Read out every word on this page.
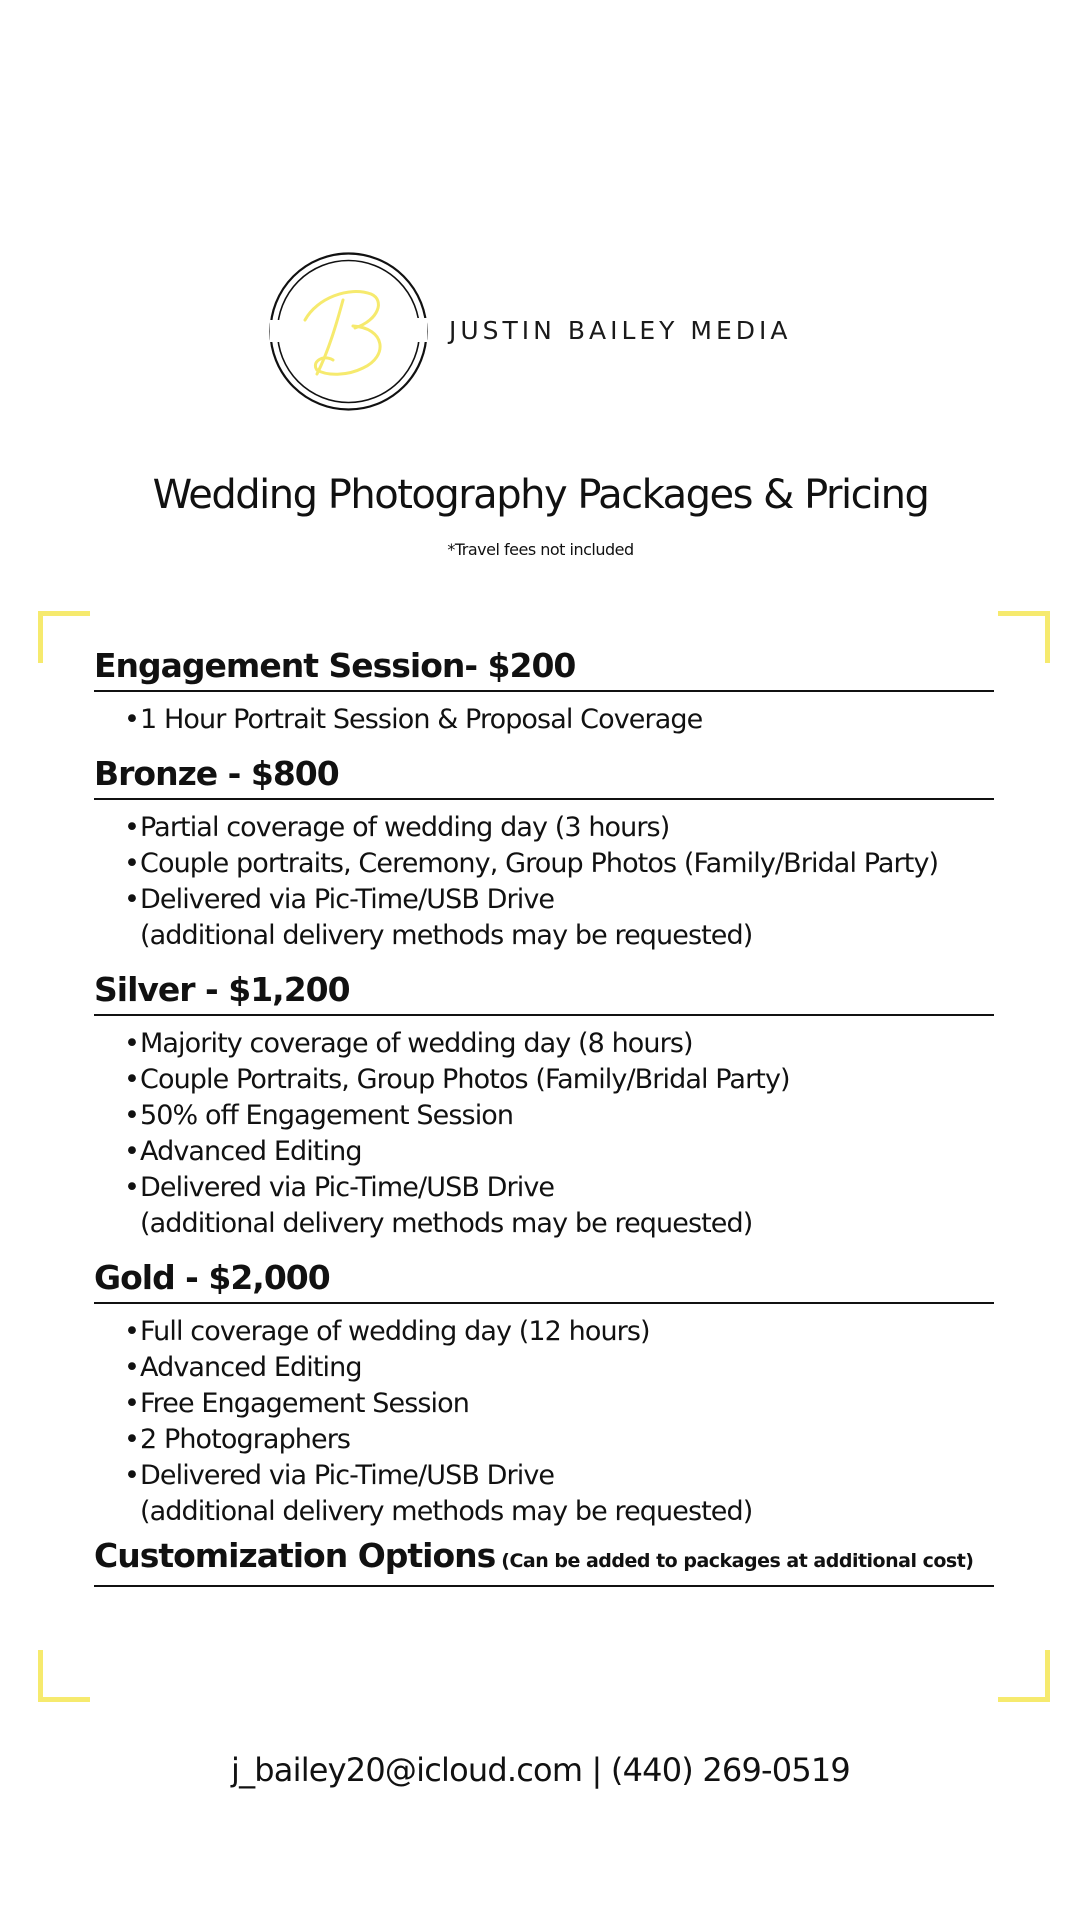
B
JUSTIN BAILEY MEDIA
Wedding Photography Packages & Pricing
*Travel fees not included
Engagement Session- $200
•1 Hour Portrait Session & Proposal Coverage
Bronze - $800
•Partial coverage of wedding day (3 hours)
•Couple portraits, Ceremony, Group Photos (Family/Bridal Party)
•Delivered via Pic-Time/USB Drive
(additional delivery methods may be requested)
Silver - $1,200
•Majority coverage of wedding day (8 hours)
•Couple Portraits, Group Photos (Family/Bridal Party)
•50% off Engagement Session
•Advanced Editing
•Delivered via Pic-Time/USB Drive
(additional delivery methods may be requested)
Gold - $2,000
•Full coverage of wedding day (12 hours)
•Advanced Editing
•Free Engagement Session
•2 Photographers
•Delivered via Pic-Time/USB Drive
(additional delivery methods may be requested)
Customization Options (Can be added to packages at additional cost)
j_bailey20@icloud.com | (440) 269-0519
